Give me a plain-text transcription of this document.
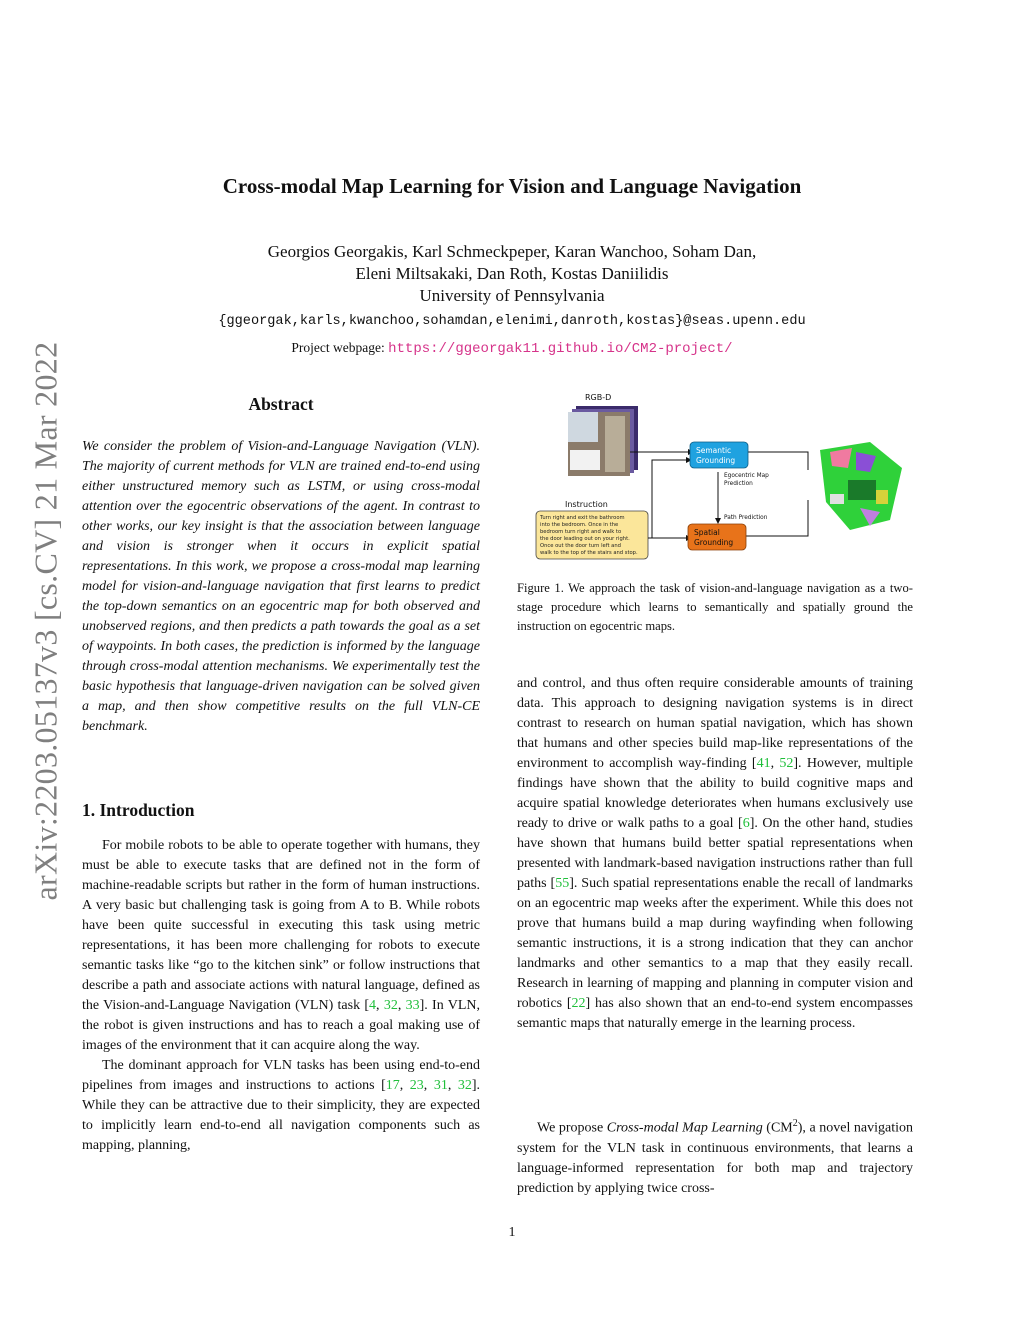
arXiv:2203.05137v3 [cs.CV] 21 Mar 2022
Cross-modal Map Learning for Vision and Language Navigation
Georgios Georgakis, Karl Schmeckpeper, Karan Wanchoo, Soham Dan,
Eleni Miltsakaki, Dan Roth, Kostas Daniilidis
University of Pennsylvania
{ggeorgak,karls,kwanchoo,sohamdan,elenimi,danroth,kostas}@seas.upenn.edu
Project webpage: https://ggeorgak11.github.io/CM2-project/
Abstract
We consider the problem of Vision-and-Language Navigation (VLN). The majority of current methods for VLN are trained end-to-end using either unstructured memory such as LSTM, or using cross-modal attention over the egocentric observations of the agent. In contrast to other works, our key insight is that the association between language and vision is stronger when it occurs in explicit spatial representations. In this work, we propose a cross-modal map learning model for vision-and-language navigation that first learns to predict the top-down semantics on an egocentric map for both observed and unobserved regions, and then predicts a path towards the goal as a set of waypoints. In both cases, the prediction is informed by the language through cross-modal attention mechanisms. We experimentally test the basic hypothesis that language-driven navigation can be solved given a map, and then show competitive results on the full VLN-CE benchmark.
1. Introduction

For mobile robots to be able to operate together with humans, they must be able to execute tasks that are defined not in the form of machine-readable scripts but rather in the form of human instructions. A very basic but challenging task is going from A to B. While robots have been quite successful in executing this task using metric representations, it has been more challenging for robots to execute semantic tasks like “go to the kitchen sink” or follow instructions that describe a path and associate actions with natural language, defined as the Vision-and-Language Navigation (VLN) task [4, 32, 33]. In VLN, the robot is given instructions and has to reach a goal making use of images of the environment that it can acquire along the way.

The dominant approach for VLN tasks has been using end-to-end pipelines from images and instructions to actions [17, 23, 31, 32]. While they can be attractive due to their simplicity, they are expected to implicitly learn end-to-end all navigation components such as mapping, planning,

and control, and thus often require considerable amounts of training data. This approach to designing navigation systems is in direct contrast to research on human spatial navigation, which has shown that humans and other species build map-like representations of the environment to accomplish way-finding [41, 52]. However, multiple findings have shown that the ability to build cognitive maps and acquire spatial knowledge deteriorates when humans exclusively use ready to drive or walk paths to a goal [6]. On the other hand, studies have shown that humans build better spatial representations when presented with landmark-based navigation instructions rather than full paths [55]. Such spatial representations enable the recall of landmarks on an egocentric map weeks after the experiment. While this does not prove that humans build a map during wayfinding when following semantic instructions, it is a strong indication that they can anchor landmarks and other semantics to a map that they easily recall. Research in learning of mapping and planning in computer vision and robotics [22] has also shown that an end-to-end system encompasses semantic maps that naturally emerge in the learning process.

We propose Cross-modal Map Learning $(CM^2)$, a novel navigation system for the VLN task in continuous environments, that learns a language-informed representation for both map and trajectory prediction by applying twice cross-

RGB-D
Instruction
Turn right and exit the bathroom
into the bedroom. Once in the
bedroom turn right and walk to
the door leading out on your right.
Once out the door turn left and
walk to the top of the stairs and stop.
Semantic
Grounding
Egocentric Map
Prediction
Path Prediction
Spatial
Grounding
Figure 1. We approach the task of vision-and-language navigation as a two-stage procedure which learns to semantically and spatially ground the instruction on egocentric maps.
1
